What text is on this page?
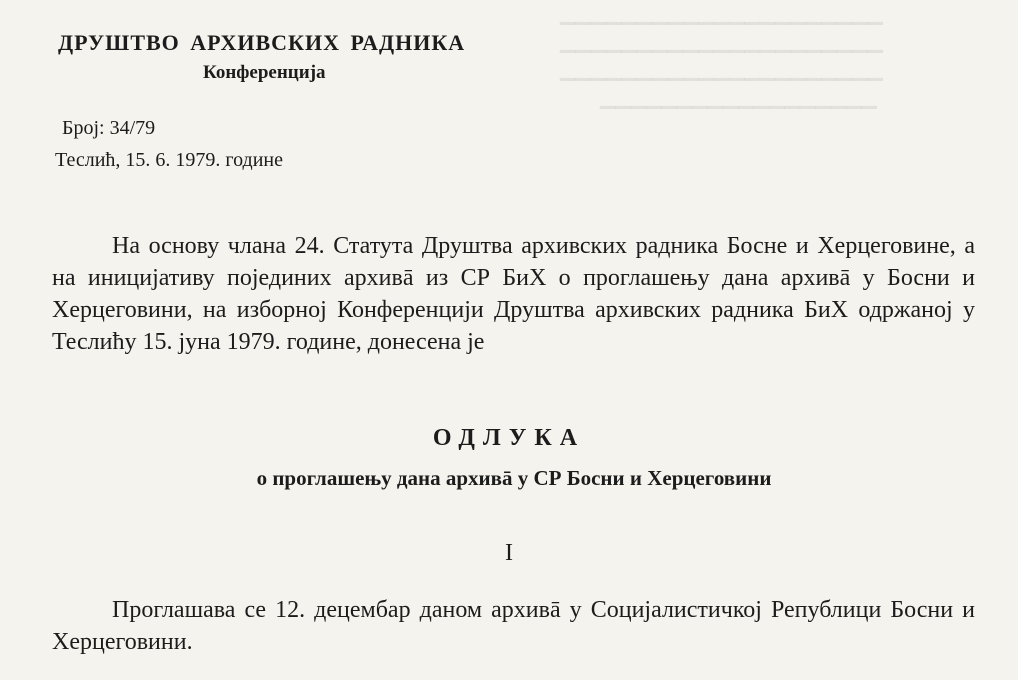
▁▁▁▁▁▁▁▁▁▁▁▁▁▁▁▁▁▁▁▁▁
▁▁▁▁▁▁▁▁▁▁▁▁▁▁▁▁▁▁▁▁▁
▁▁▁▁▁▁▁▁▁▁▁▁▁▁▁▁▁▁▁▁▁
▁▁▁▁▁▁▁▁▁▁▁▁▁▁▁▁▁▁
ДРУШТВО АРХИВСКИХ РАДНИКА
Конференција
Број: 34/79
Теслић, 15. 6. 1979. године
На основу члана 24. Статута Друштва архивских радника Босне и Херцеговине, а на иницијативу појединих архивā из СР БиХ о проглашењу дана архивā у Босни и Херцеговини, на изборној Конференцији Друштва архивских радника БиХ одржаној у Теслићу 15. јуна 1979. године, донесена је
ОДЛУКА
о проглашењу дана архивā у СР Босни и Херцеговини
I
Проглашава се 12. децембар даном архивā у Социјалистичкој Републици Босни и Херцеговини.
